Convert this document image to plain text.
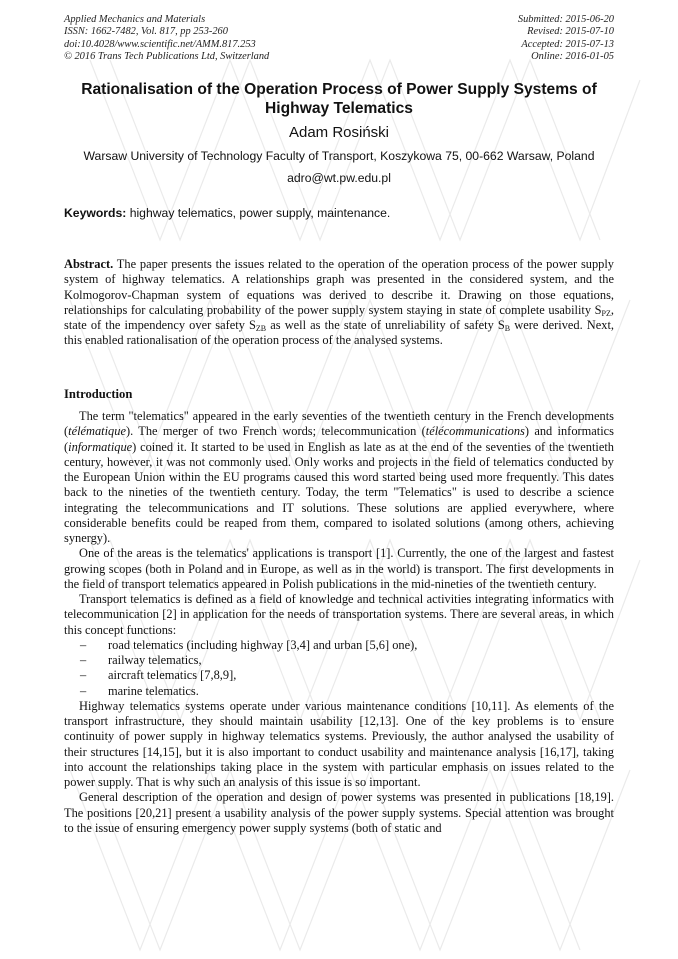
Applied Mechanics and Materials
ISSN: 1662-7482, Vol. 817, pp 253-260
doi:10.4028/www.scientific.net/AMM.817.253
© 2016 Trans Tech Publications Ltd, Switzerland
Submitted: 2015-06-20
Revised: 2015-07-10
Accepted: 2015-07-13
Online: 2016-01-05
Rationalisation of the Operation Process of Power Supply Systems of Highway Telematics
Adam Rosiński
Warsaw University of Technology Faculty of Transport, Koszykowa 75, 00-662 Warsaw, Poland
adro@wt.pw.edu.pl
Keywords: highway telematics, power supply, maintenance.

Abstract. The paper presents the issues related to the operation of the operation process of the power supply system of highway telematics. A relationships graph was presented in the considered system, and the Kolmogorov-Chapman system of equations was derived to describe it. Drawing on those equations, relationships for calculating probability of the power supply system staying in state of complete usability $S_{PZ}$, state of the impendency over safety $S_{ZB}$ as well as the state of unreliability of safety $S_B$ were derived. Next, this enabled rationalisation of the operation process of the analysed systems.

Introduction

The term "telematics" appeared in the early seventies of the twentieth century in the French developments (télématique). The merger of two French words; telecommunication (télécommunications) and informatics (informatique) coined it. It started to be used in English as late as at the end of the seventies of the twentieth century, however, it was not commonly used. Only works and projects in the field of telematics conducted by the European Union within the EU programs caused this word started being used more frequently. This dates back to the nineties of the twentieth century. Today, the term "Telematics" is used to describe a science integrating the telecommunications and IT solutions. These solutions are applied everywhere, where considerable benefits could be reaped from them, compared to isolated solutions (among others, achieving synergy).

One of the areas is the telematics' applications is transport [1]. Currently, the one of the largest and fastest growing scopes (both in Poland and in Europe, as well as in the world) is transport. The first developments in the field of transport telematics appeared in Polish publications in the mid-nineties of the twentieth century.

Transport telematics is defined as a field of knowledge and technical activities integrating informatics with telecommunication [2] in application for the needs of transportation systems. There are several areas, in which this concept functions:

– road telematics (including highway [3,4] and urban [5,6] one),
– railway telematics,
– aircraft telematics [7,8,9],
– marine telematics.

Highway telematics systems operate under various maintenance conditions [10,11]. As elements of the transport infrastructure, they should maintain usability [12,13]. One of the key problems is to ensure continuity of power supply in highway telematics systems. Previously, the author analysed the usability of their structures [14,15], but it is also important to conduct usability and maintenance analysis [16,17], taking into account the relationships taking place in the system with particular emphasis on issues related to the power supply. That is why such an analysis of this issue is so important.

General description of the operation and design of power systems was presented in publications [18,19]. The positions [20,21] present a usability analysis of the power supply systems. Special attention was brought to the issue of ensuring emergency power supply systems (both of static and
